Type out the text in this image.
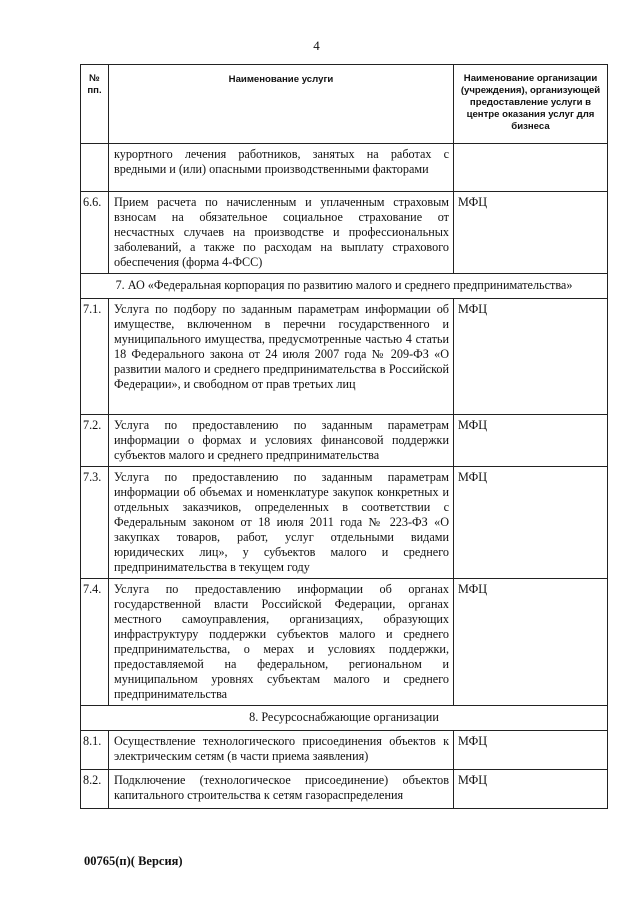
4
№ пп.	Наименование услуги	Наименование организации (учреждения), организующей предоставление услуги в центре оказания услуг для бизнеса
	курортного лечения работников, занятых на работах с вредными и (или) опасными производственными факторами	
6.6.	Прием расчета по начисленным и уплаченным страховым взносам на обязательное социальное страхование от несчастных случаев на производстве и профессиональных заболеваний, а также по расходам на выплату страхового обеспечения (форма 4-ФСС)	МФЦ
7. АО «Федеральная корпорация по развитию малого и среднего предпринимательства»		
7.1.	Услуга по подбору по заданным параметрам информации об имуществе, включенном в перечни государственного и муниципального имущества, предусмотренные частью 4 статьи 18 Федерального закона от 24 июля 2007 года № 209-ФЗ «О развитии малого и среднего предпринимательства в Российской Федерации», и свободном от прав третьих лиц	МФЦ
7.2.	Услуга по предоставлению по заданным параметрам информации о формах и условиях финансовой поддержки субъектов малого и среднего предпринимательства	МФЦ
7.3.	Услуга по предоставлению по заданным параметрам информации об объемах и номенклатуре закупок конкретных и отдельных заказчиков, определенных в соответствии с Федеральным законом от 18 июля 2011 года № 223-ФЗ «О закупках товаров, работ, услуг отдельными видами юридических лиц», у субъектов малого и среднего предпринимательства в текущем году	МФЦ
7.4.	Услуга по предоставлению информации об органах государственной власти Российской Федерации, органах местного самоуправления, организациях, образующих инфраструктуру поддержки субъектов малого и среднего предпринимательства, о мерах и условиях поддержки, предоставляемой на федеральном, региональном и муниципальном уровнях субъектам малого и среднего предпринимательства	МФЦ
8. Ресурсоснабжающие организации		
8.1.	Осуществление технологического присоединения объектов к электрическим сетям (в части приема заявления)	МФЦ
8.2.	Подключение (технологическое присоединение) объектов капитального строительства к сетям газораспределения	МФЦ
00765(п)( Версия)
